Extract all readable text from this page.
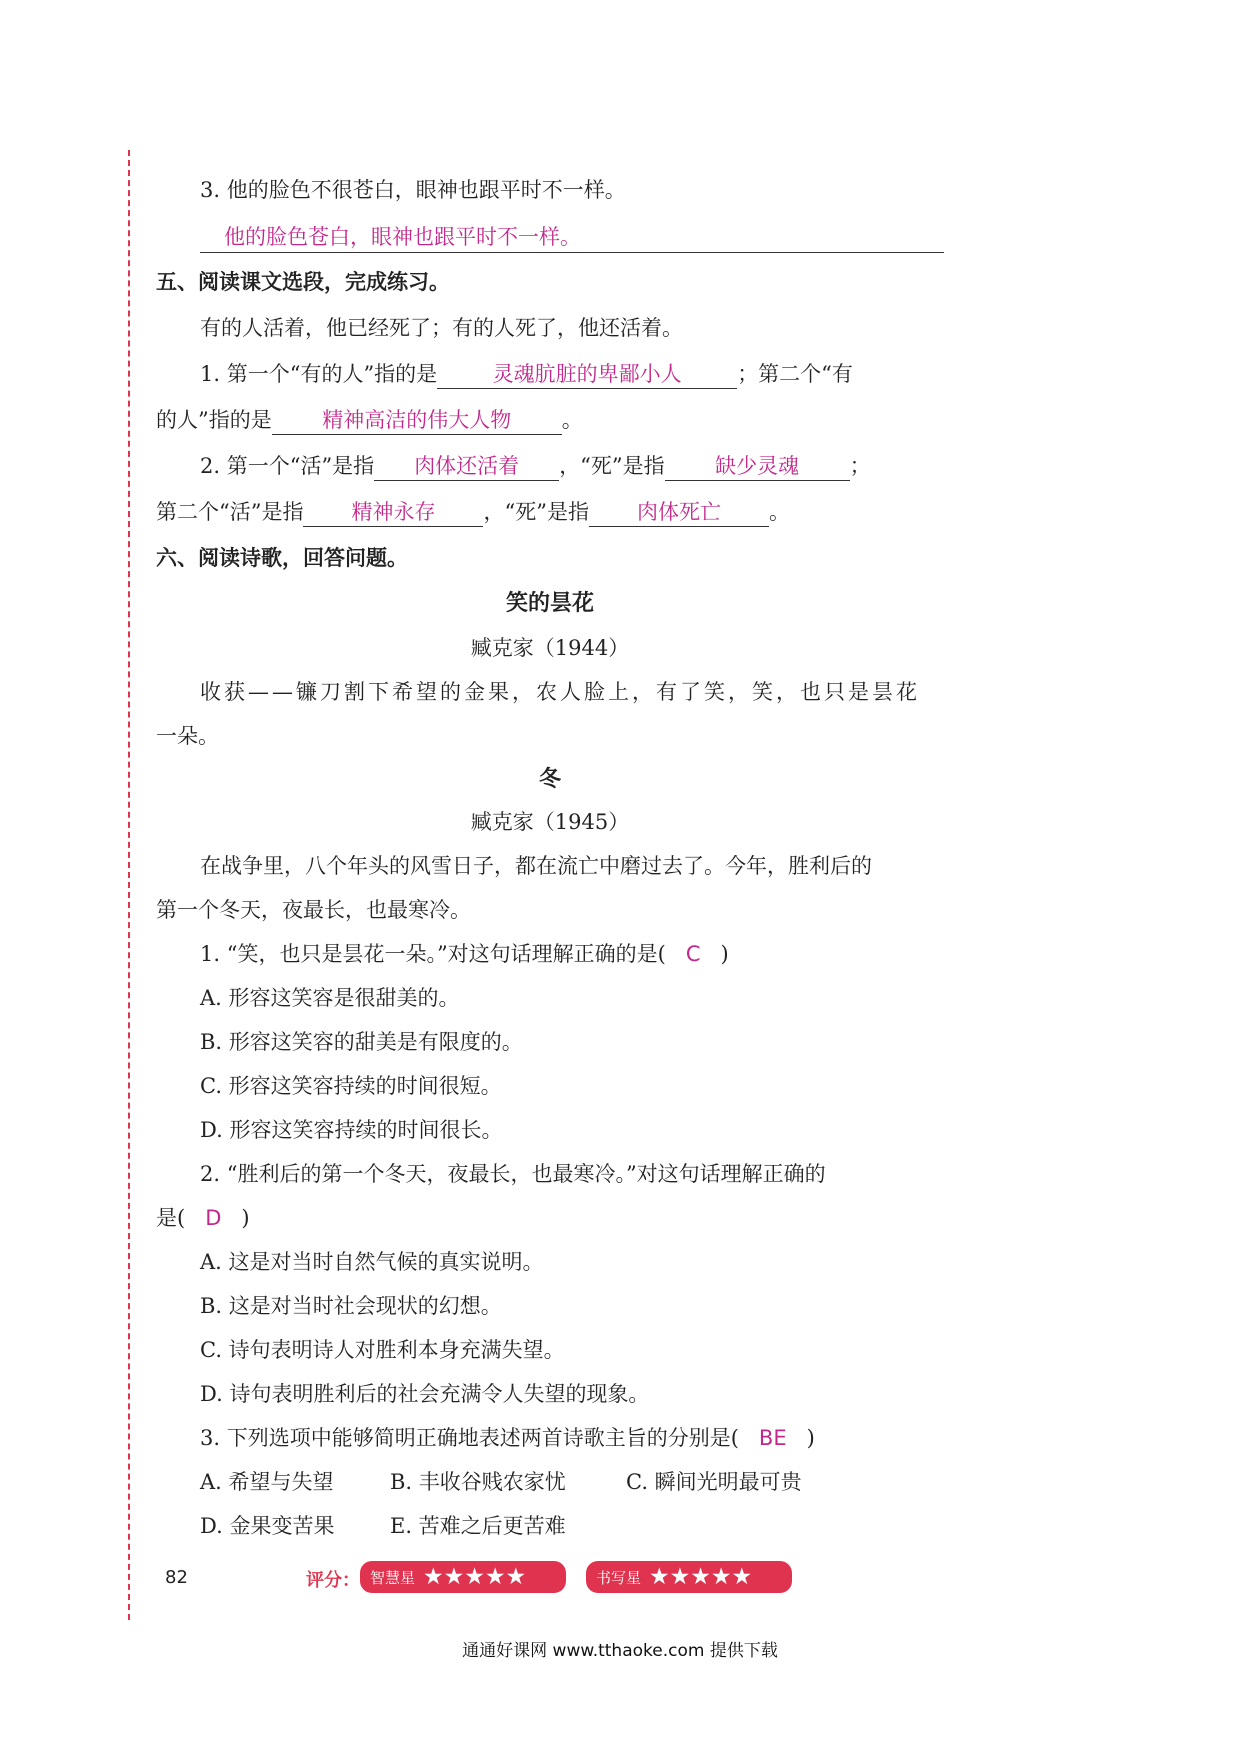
3. 他的脸色不很苍白，眼神也跟平时不一样。
他的脸色苍白，眼神也跟平时不一样。
五、阅读课文选段，完成练习。
有的人活着，他已经死了；有的人死了，他还活着。
1. 第一个“有的人”指的是	灵魂肮脏的卑鄙小人	；第二个“有
的人”指的是 精神高洁的伟大人物 。
2. 第一个“活”是指 肉体还活着 ，“死”是指 缺少灵魂 ；
第二个“活”是指 精神永存 ，“死”是指 肉体死亡 。
六、阅读诗歌，回答问题。
笑的昙花
臧克家（1944）
收获——镰刀割下希望的金果，农人脸上，有了笑，笑，也只是昙花
一朵。
冬
臧克家（1945）
在战争里，八个年头的风雪日子，都在流亡中磨过去了。今年，胜利后的
第一个冬天，夜最长，也最寒冷。
1. “笑，也只是昙花一朵。”对这句话理解正确的是( C )
A. 形容这笑容是很甜美的。
B. 形容这笑容的甜美是有限度的。
C. 形容这笑容持续的时间很短。
D. 形容这笑容持续的时间很长。
2. “胜利后的第一个冬天，夜最长，也最寒冷。”对这句话理解正确的
是( D )
A. 这是对当时自然气候的真实说明。
B. 这是对当时社会现状的幻想。
C. 诗句表明诗人对胜利本身充满失望。
D. 诗句表明胜利后的社会充满令人失望的现象。
3. 下列选项中能够简明正确地表述两首诗歌主旨的分别是( BE )
A. 希望与失望	B. 丰收谷贱农家忧	C. 瞬间光明最可贵
D. 金果变苦果	E. 苦难之后更苦难
82	评分： 智慧星 ★★★★★	书写星 ★★★★★
通通好课网 www.tthaoke.com 提供下载
